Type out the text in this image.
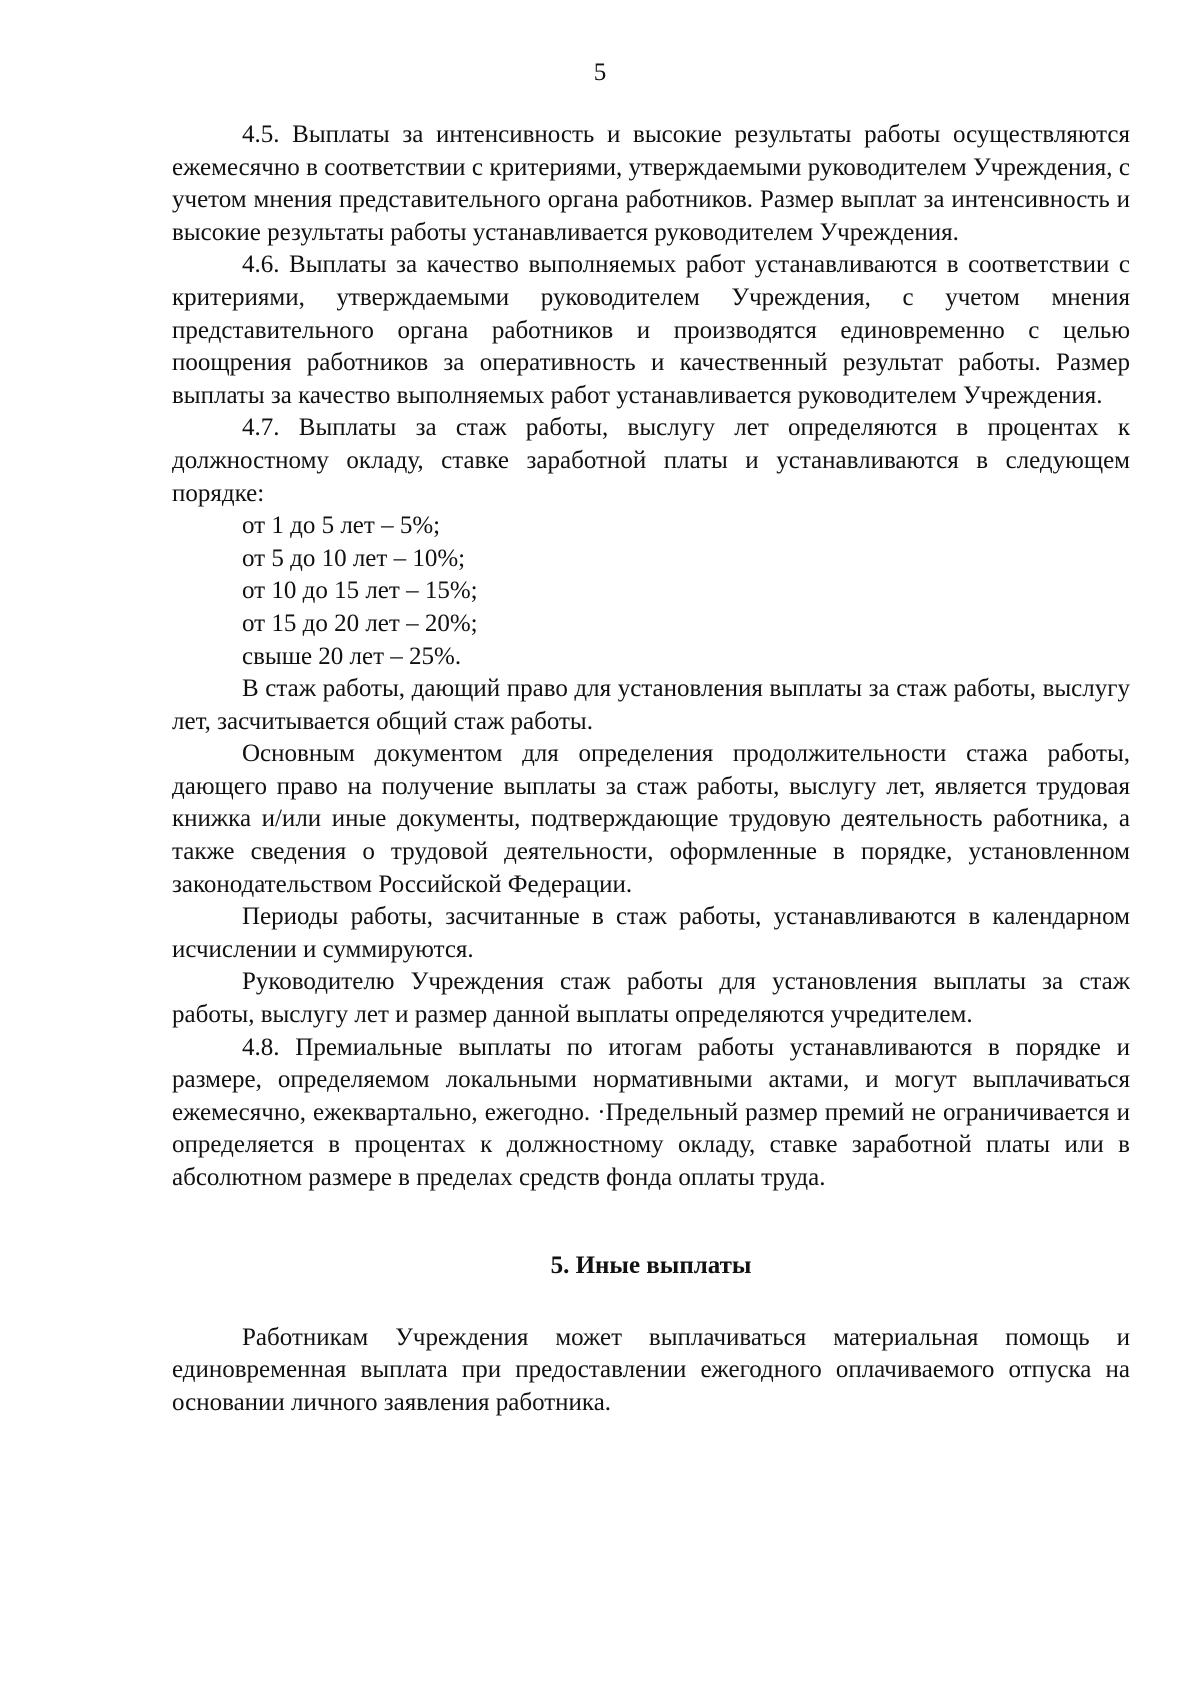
5

4.5. Выплаты за интенсивность и высокие результаты работы осуществляются ежемесячно в соответствии с критериями, утверждаемыми руководителем Учреждения, с учетом мнения представительного органа работников. Размер выплат за интенсивность и высокие результаты работы устанавливается руководителем Учреждения.

4.6. Выплаты за качество выполняемых работ устанавливаются в соответствии с критериями, утверждаемыми руководителем Учреждения, с учетом мнения представительного органа работников и производятся единовременно с целью поощрения работников за оперативность и качественный результат работы. Размер выплаты за качество выполняемых работ устанавливается руководителем Учреждения.

4.7. Выплаты за стаж работы, выслугу лет определяются в процентах к должностному окладу, ставке заработной платы и устанавливаются в следующем порядке:

от 1 до 5 лет – 5%;

от 5 до 10 лет – 10%;

от 10 до 15 лет – 15%;

от 15 до 20 лет – 20%;

свыше 20 лет – 25%.

В стаж работы, дающий право для установления выплаты за стаж работы, выслугу лет, засчитывается общий стаж работы.

Основным документом для определения продолжительности стажа работы, дающего право на получение выплаты за стаж работы, выслугу лет, является трудовая книжка и/или иные документы, подтверждающие трудовую деятельность работника, а также сведения о трудовой деятельности, оформленные в порядке, установленном законодательством Российской Федерации.

Периоды работы, засчитанные в стаж работы, устанавливаются в календарном исчислении и суммируются.

Руководителю Учреждения стаж работы для установления выплаты за стаж работы, выслугу лет и размер данной выплаты определяются учредителем.

4.8. Премиальные выплаты по итогам работы устанавливаются в порядке и размере, определяемом локальными нормативными актами, и могут выплачиваться ежемесячно, ежеквартально, ежегодно. ·Предельный размер премий не ограничивается и определяется в процентах к должностному окладу, ставке заработной платы или в абсолютном размере в пределах средств фонда оплаты труда.

5. Иные выплаты

Работникам Учреждения может выплачиваться материальная помощь и единовременная выплата при предоставлении ежегодного оплачиваемого отпуска на основании личного заявления работника.
